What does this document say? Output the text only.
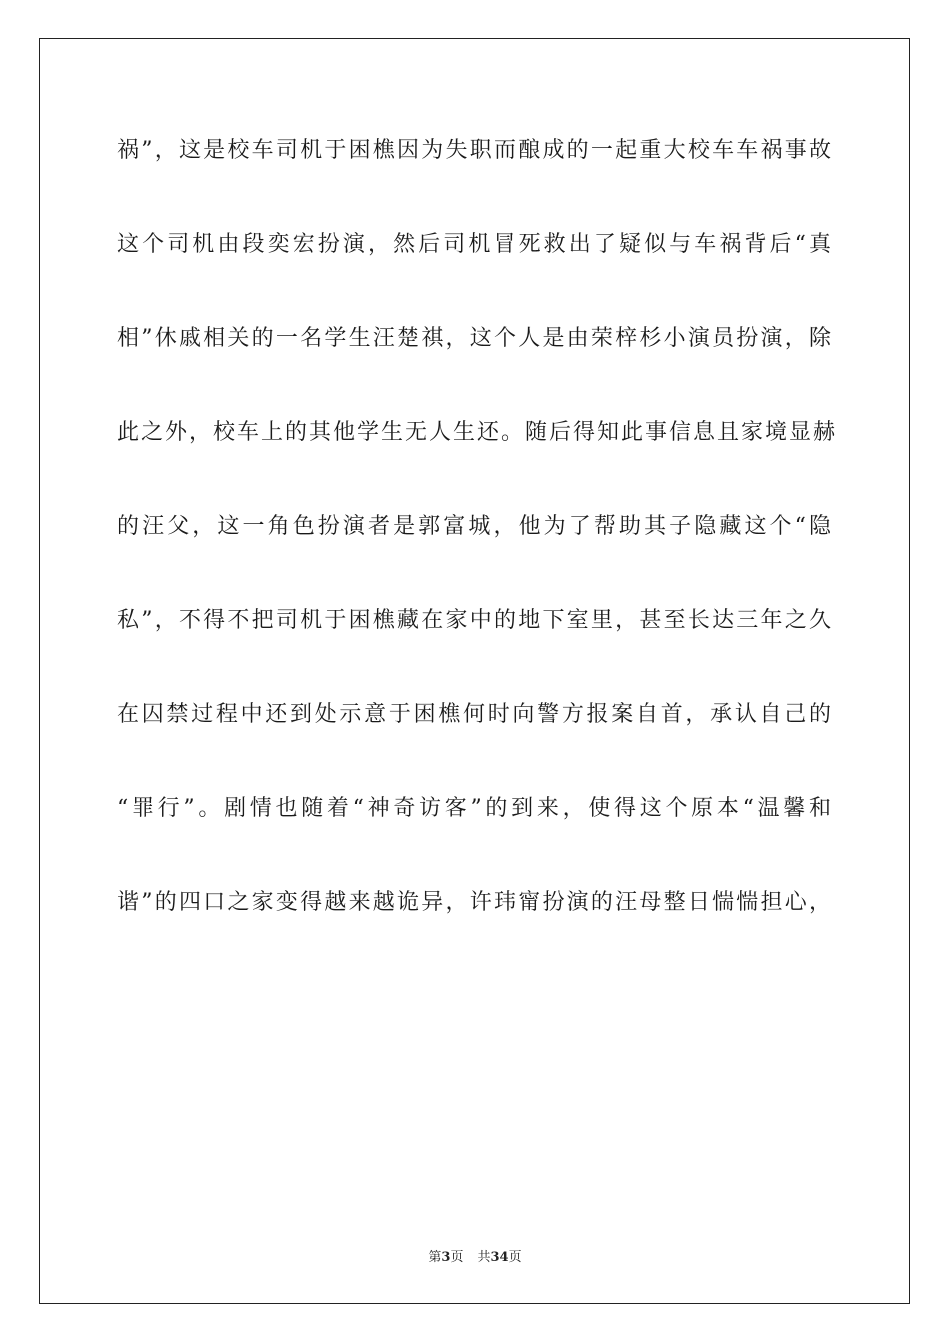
祸”，这是校车司机于困樵因为失职而酿成的一起重大校车车祸事故
这个司机由段奕宏扮演，然后司机冒死救出了疑似与车祸背后“真
相”休戚相关的一名学生汪楚祺，这个人是由荣梓杉小演员扮演，除
此之外，校车上的其他学生无人生还。随后得知此事信息且家境显赫
的汪父，这一角色扮演者是郭富城，他为了帮助其子隐藏这个“隐
私”，不得不把司机于困樵藏在家中的地下室里，甚至长达三年之久
在囚禁过程中还到处示意于困樵何时向警方报案自首，承认自己的
“罪行”。剧情也随着“神奇访客”的到来，使得这个原本“温馨和
谐”的四口之家变得越来越诡异，许玮甯扮演的汪母整日惴惴担心，
第3页 共34页
